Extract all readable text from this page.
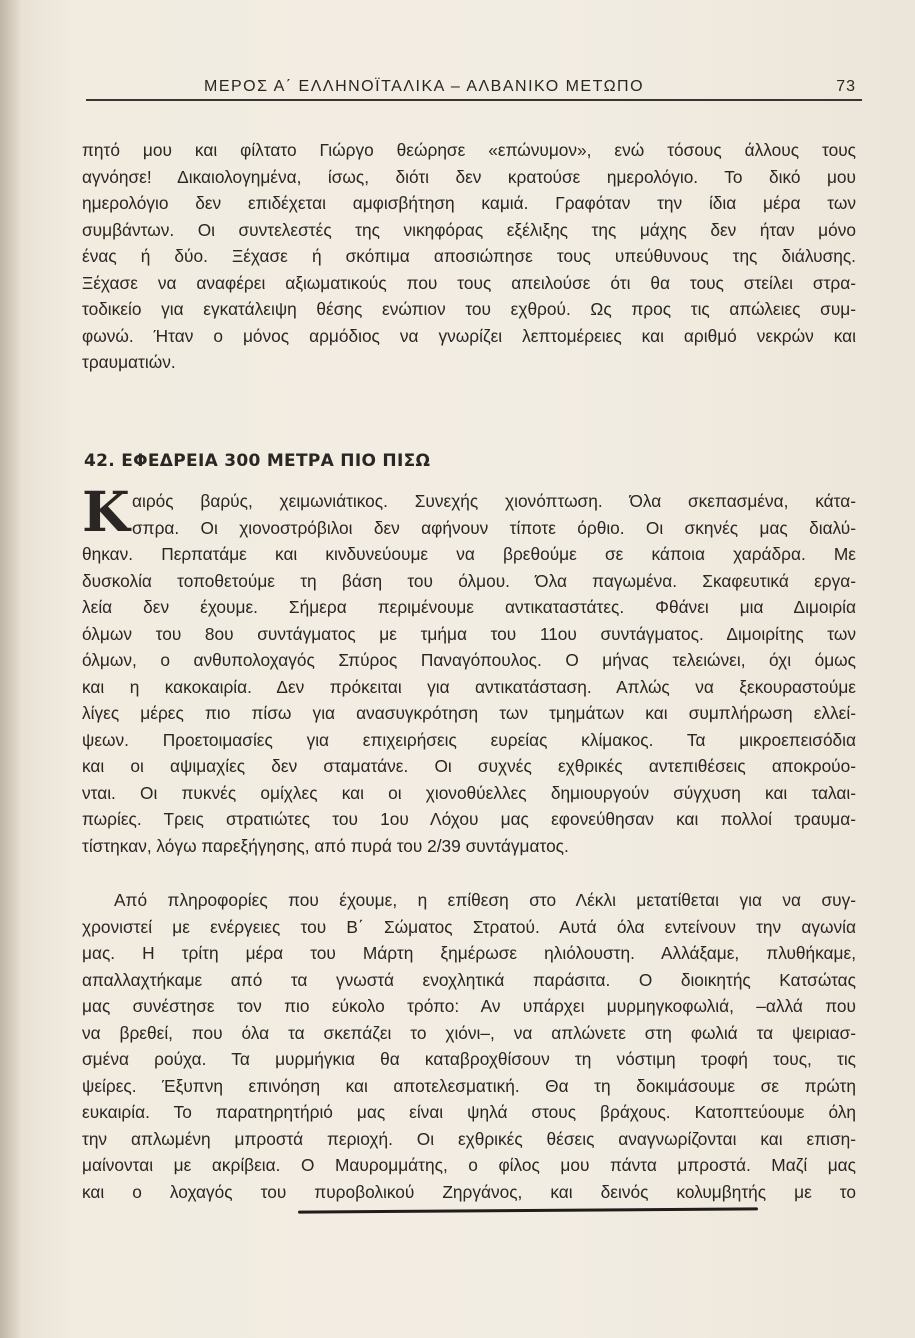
ΜΕΡΟΣ Α΄ ΕΛΛΗΝΟΪΤΑΛΙΚΑ – ΑΛΒΑΝΙΚΟ ΜΕΤΩΠΟ	73
πητό μου και φίλτατο Γιώργο θεώρησε «επώνυμον», ενώ τόσους άλλους τους
αγνόησε! Δικαιολογημένα, ίσως, διότι δεν κρατούσε ημερολόγιο. Το δικό μου
ημερολόγιο δεν επιδέχεται αμφισβήτηση καμιά. Γραφόταν την ίδια μέρα των
συμβάντων. Οι συντελεστές της νικηφόρας εξέλιξης της μάχης δεν ήταν μόνο
ένας ή δύο. Ξέχασε ή σκόπιμα αποσιώπησε τους υπεύθυνους της διάλυσης.
Ξέχασε να αναφέρει αξιωματικούς που τους απειλούσε ότι θα τους στείλει στρα-
τοδικείο για εγκατάλειψη θέσης ενώπιον του εχθρού. Ως προς τις απώλειες συμ-
φωνώ. Ήταν ο μόνος αρμόδιος να γνωρίζει λεπτομέρειες και αριθμό νεκρών και
τραυματιών.
42. ΕΦΕΔΡΕΙΑ 300 ΜΕΤΡΑ ΠΙΟ ΠΙΣΩ
Κ αιρός βαρύς, χειμωνιάτικος. Συνεχής χιονόπτωση. Όλα σκεπασμένα, κάτα-
σπρα. Οι χιονοστρόβιλοι δεν αφήνουν τίποτε όρθιο. Οι σκηνές μας διαλύ-
θηκαν. Περπατάμε και κινδυνεύουμε να βρεθούμε σε κάποια χαράδρα. Με
δυσκολία τοποθετούμε τη βάση του όλμου. Όλα παγωμένα. Σκαφευτικά εργα-
λεία δεν έχουμε. Σήμερα περιμένουμε αντικαταστάτες. Φθάνει μια Διμοιρία
όλμων του 8ου συντάγματος με τμήμα του 11ου συντάγματος. Διμοιρίτης των
όλμων, ο ανθυπολοχαγός Σπύρος Παναγόπουλος. Ο μήνας τελειώνει, όχι όμως
και η κακοκαιρία. Δεν πρόκειται για αντικατάσταση. Απλώς να ξεκουραστούμε
λίγες μέρες πιο πίσω για ανασυγκρότηση των τμημάτων και συμπλήρωση ελλεί-
ψεων. Προετοιμασίες για επιχειρήσεις ευρείας κλίμακος. Τα μικροεπεισόδια
και οι αψιμαχίες δεν σταματάνε. Οι συχνές εχθρικές αντεπιθέσεις αποκρούο-
νται. Οι πυκνές ομίχλες και οι χιονοθύελλες δημιουργούν σύγχυση και ταλαι-
πωρίες. Τρεις στρατιώτες του 1ου Λόχου μας εφονεύθησαν και πολλοί τραυμα-
τίστηκαν, λόγω παρεξήγησης, από πυρά του 2/39 συντάγματος.
Από πληροφορίες που έχουμε, η επίθεση στο Λέκλι μετατίθεται για να συγ-
χρονιστεί με ενέργειες του Β΄ Σώματος Στρατού. Αυτά όλα εντείνουν την αγωνία
μας. Η τρίτη μέρα του Μάρτη ξημέρωσε ηλιόλουστη. Αλλάξαμε, πλυθήκαμε,
απαλλαχτήκαμε από τα γνωστά ενοχλητικά παράσιτα. Ο διοικητής Κατσώτας
μας συνέστησε τον πιο εύκολο τρόπο: Αν υπάρχει μυρμηγκοφωλιά, –αλλά που
να βρεθεί, που όλα τα σκεπάζει το χιόνι–, να απλώνετε στη φωλιά τα ψειριασ-
σμένα ρούχα. Τα μυρμήγκια θα καταβροχθίσουν τη νόστιμη τροφή τους, τις
ψείρες. Έξυπνη επινόηση και αποτελεσματική. Θα τη δοκιμάσουμε σε πρώτη
ευκαιρία. Το παρατηρητήριό μας είναι ψηλά στους βράχους. Κατοπτεύουμε όλη
την απλωμένη μπροστά περιοχή. Οι εχθρικές θέσεις αναγνωρίζονται και επιση-
μαίνονται με ακρίβεια. Ο Μαυρομμάτης, ο φίλος μου πάντα μπροστά. Μαζί μας
και ο λοχαγός του πυροβολικού Ζηργάνος, και δεινός κολυμβητής με το
